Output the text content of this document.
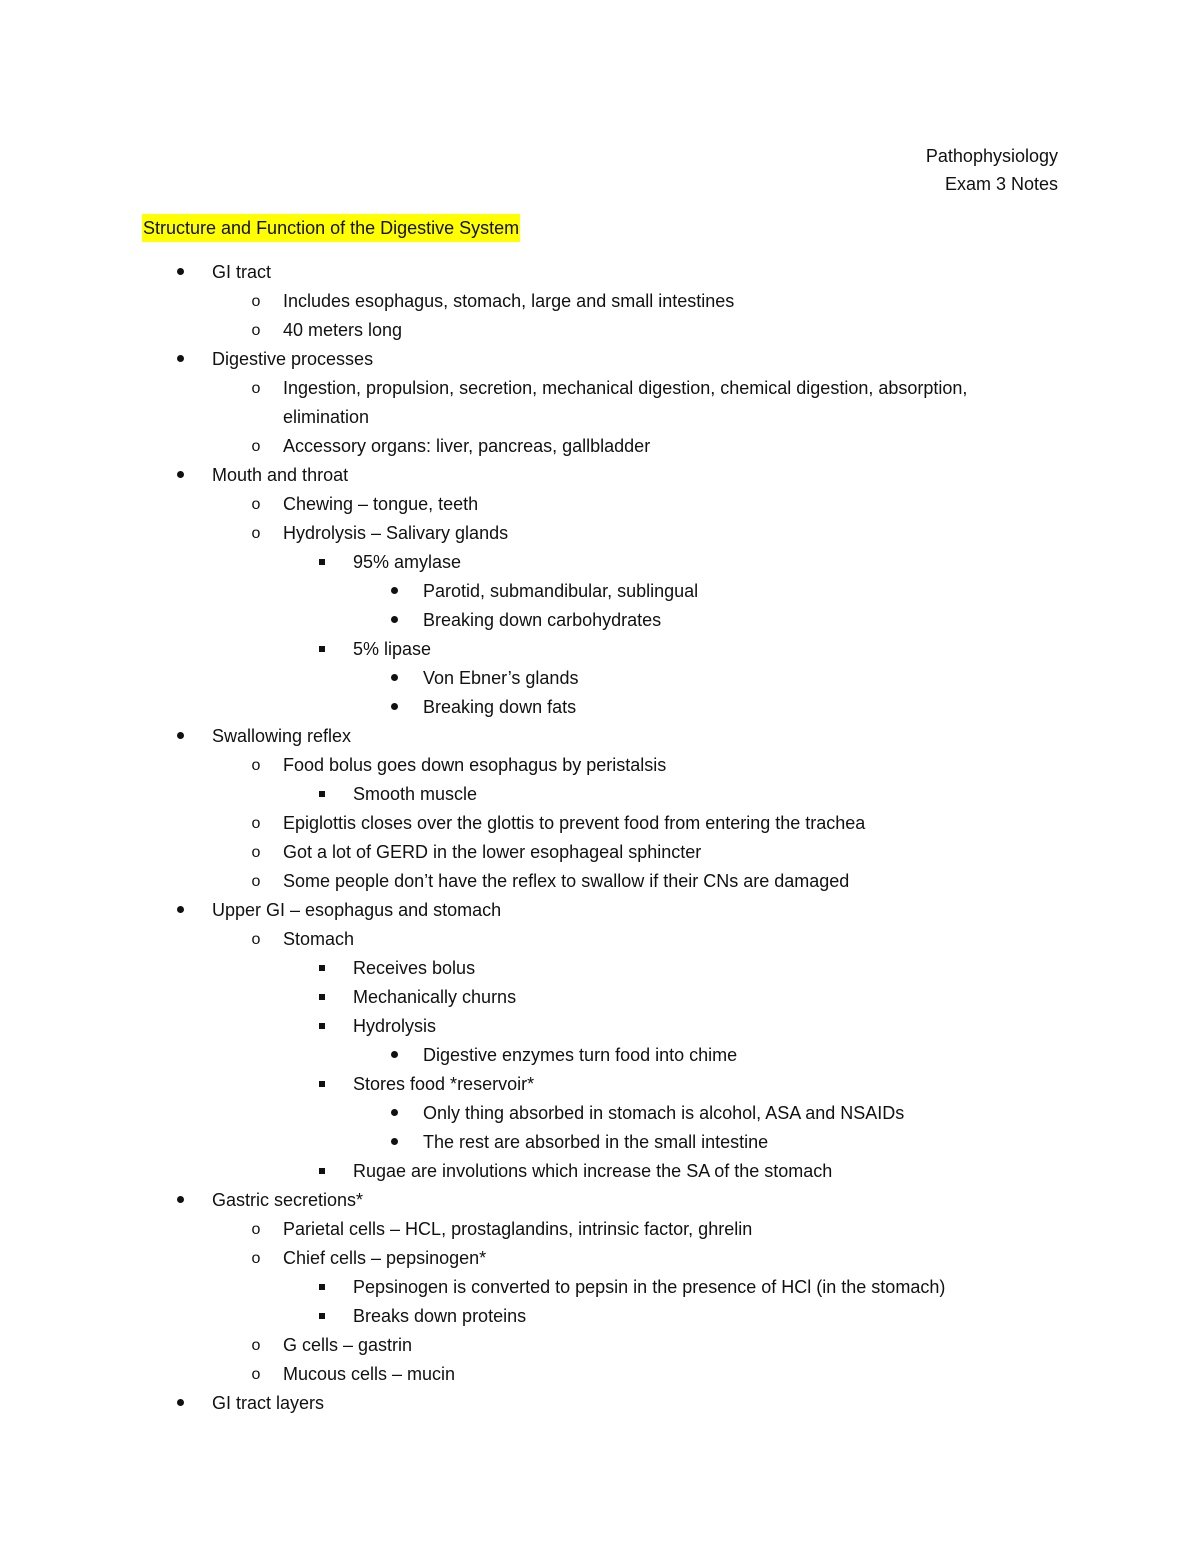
Pathophysiology
Exam 3 Notes
Structure and Function of the Digestive System
GI tract
o	Includes esophagus, stomach, large and small intestines
o	40 meters long
Digestive processes
o	Ingestion, propulsion, secretion, mechanical digestion, chemical digestion, absorption,
elimination
o	Accessory organs: liver, pancreas, gallbladder
Mouth and throat
o	Chewing – tongue, teeth
o	Hydrolysis – Salivary glands
95% amylase
Parotid, submandibular, sublingual
Breaking down carbohydrates
5% lipase
Von Ebner’s glands
Breaking down fats
Swallowing reflex
o	Food bolus goes down esophagus by peristalsis
Smooth muscle
o	Epiglottis closes over the glottis to prevent food from entering the trachea
o	Got a lot of GERD in the lower esophageal sphincter
o	Some people don’t have the reflex to swallow if their CNs are damaged
Upper GI – esophagus and stomach
o	Stomach
Receives bolus
Mechanically churns
Hydrolysis
Digestive enzymes turn food into chime
Stores food *reservoir*
Only thing absorbed in stomach is alcohol, ASA and NSAIDs
The rest are absorbed in the small intestine
Rugae are involutions which increase the SA of the stomach
Gastric secretions*
o	Parietal cells – HCL, prostaglandins, intrinsic factor, ghrelin
o	Chief cells – pepsinogen*
Pepsinogen is converted to pepsin in the presence of HCl (in the stomach)
Breaks down proteins
o	G cells – gastrin
o	Mucous cells – mucin
GI tract layers
